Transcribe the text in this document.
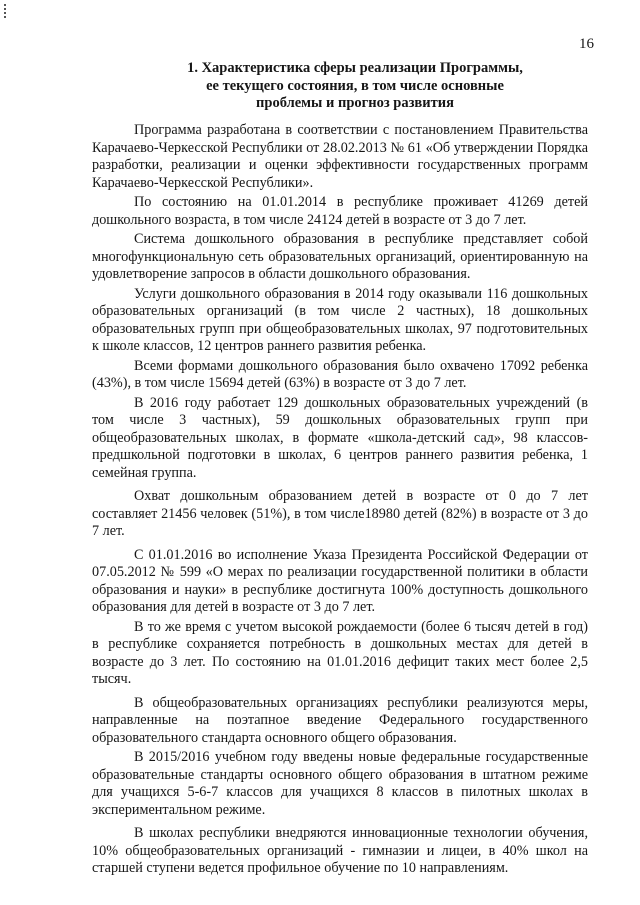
16
1. Характеристика сферы реализации Программы,
ее текущего состояния, в том числе основные
проблемы и прогноз развития

Программа разработана в соответствии с постановлением Правительства Карачаево-Черкесской Республики от 28.02.2013 № 61 «Об утверждении Порядка разработки, реализации и оценки эффективности государственных программ Карачаево-Черкесской Республики».

По состоянию на 01.01.2014 в республике проживает 41269 детей дошкольного возраста, в том числе 24124 детей в возрасте от 3 до 7 лет.

Система дошкольного образования в республике представляет собой многофункциональную сеть образовательных организаций, ориентированную на удовлетворение запросов в области дошкольного образования.

Услуги дошкольного образования в 2014 году оказывали 116 дошкольных образовательных организаций (в том числе 2 частных), 18 дошкольных образовательных групп при общеобразовательных школах, 97 подготовительных к школе классов, 12 центров раннего развития ребенка.

Всеми формами дошкольного образования было охвачено 17092 ребенка (43%), в том числе 15694 детей (63%) в возрасте от 3 до 7 лет.

В 2016 году работает 129 дошкольных образовательных учреждений (в том числе 3 частных), 59 дошкольных образовательных групп при общеобразовательных школах, в формате «школа-детский сад», 98 классов-предшкольной подготовки в школах, 6 центров раннего развития ребенка, 1 семейная группа.

Охват дошкольным образованием детей в возрасте от 0 до 7 лет составляет 21456 человек (51%), в том числе18980 детей (82%) в возрасте от 3 до 7 лет.

С 01.01.2016 во исполнение Указа Президента Российской Федерации от 07.05.2012 № 599 «О мерах по реализации государственной политики в области образования и науки» в республике достигнута 100% доступность дошкольного образования для детей в возрасте от 3 до 7 лет.

В то же время с учетом высокой рождаемости (более 6 тысяч детей в год) в республике сохраняется потребность в дошкольных местах для детей в возрасте до 3 лет. По состоянию на 01.01.2016 дефицит таких мест более 2,5 тысяч.

В общеобразовательных организациях республики реализуются меры, направленные на поэтапное введение Федерального государственного образовательного стандарта основного общего образования.

В 2015/2016 учебном году введены новые федеральные государственные образовательные стандарты основного общего образования в штатном режиме для учащихся 5-6-7 классов для учащихся 8 классов в пилотных школах в экспериментальном режиме.

В школах республики внедряются инновационные технологии обучения, 10% общеобразовательных организаций - гимназии и лицеи, в 40% школ на старшей ступени ведется профильное обучение по 10 направлениям.
